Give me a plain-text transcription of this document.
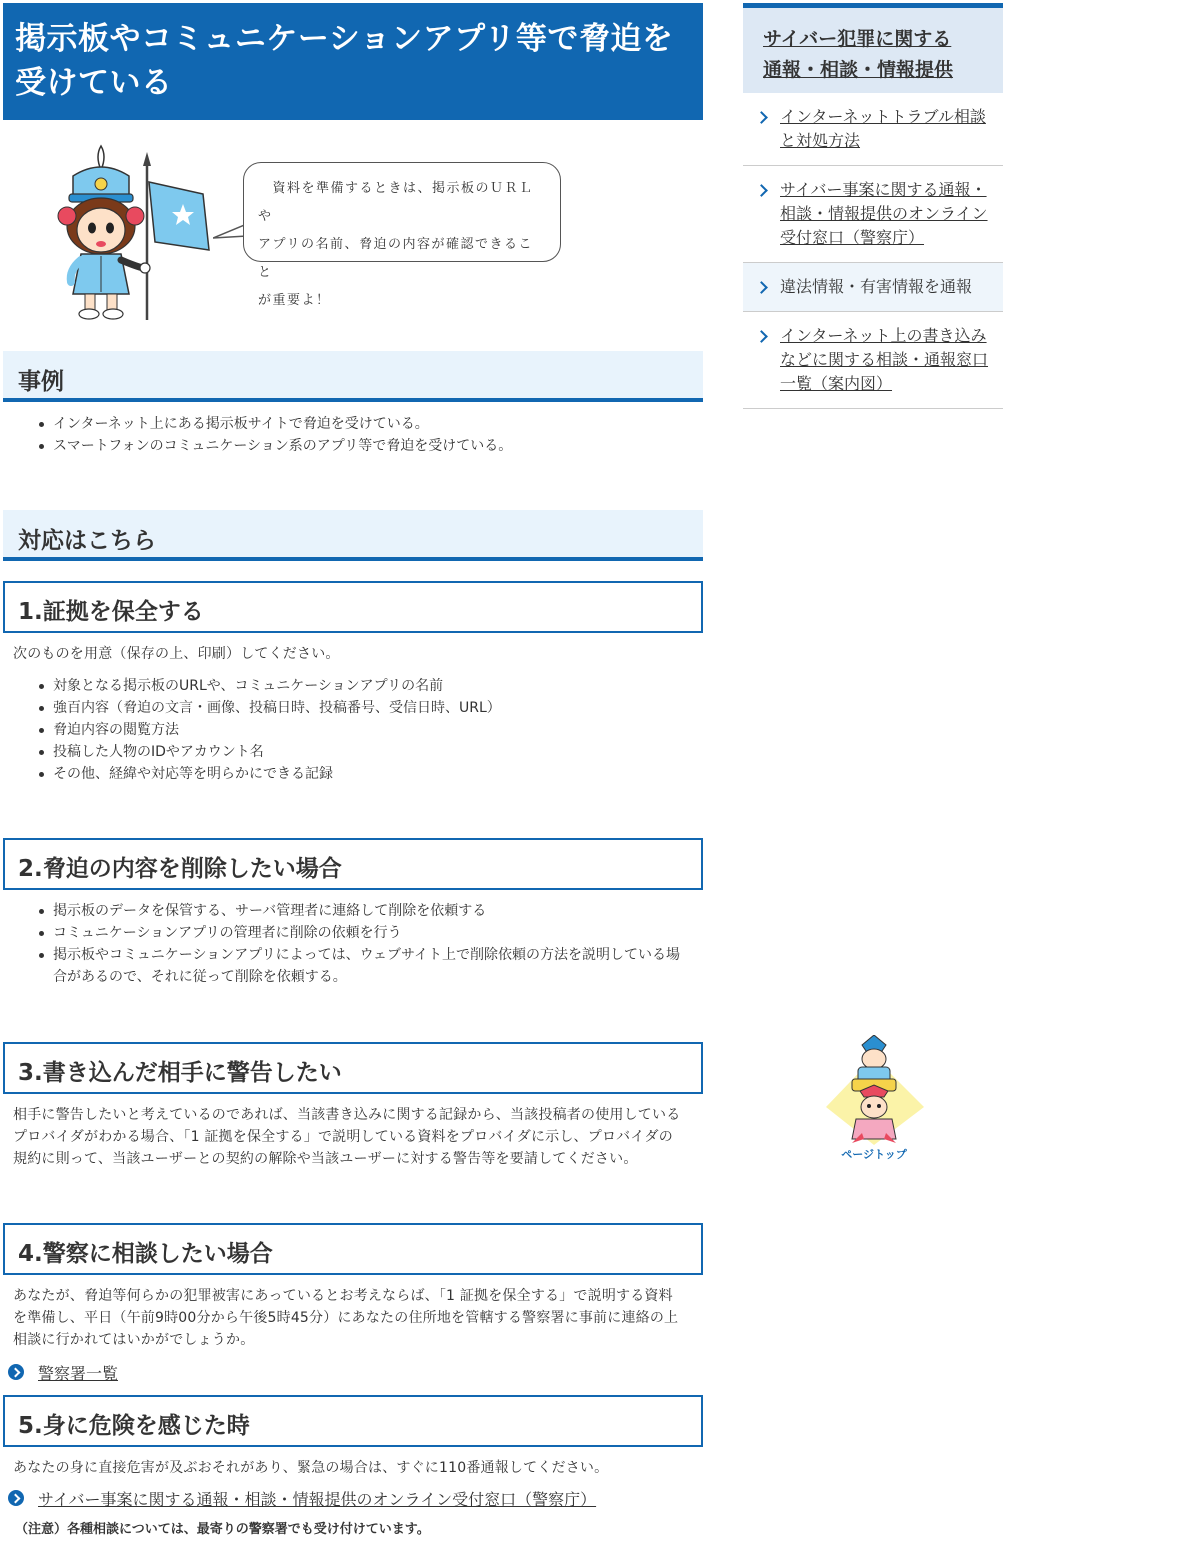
掲示板やコミュニケーションアプリ等で脅迫を
受けている
　資料を準備するときは、掲示板のＵＲＬや
アプリの名前、脅迫の内容が確認できること
が重要よ！
事例
インターネット上にある掲示板サイトで脅迫を受けている。
スマートフォンのコミュニケーション系のアプリ等で脅迫を受けている。
対応はこちら
1.証拠を保全する

次のものを用意（保存の上、印刷）してください。

対象となる掲示板のURLや、コミュニケーションアプリの名前
強百内容（脅迫の文言・画像、投稿日時、投稿番号、受信日時、URL）
脅迫内容の閲覧方法
投稿した人物のIDやアカウント名
その他、経緯や対応等を明らかにできる記録
2.脅迫の内容を削除したい場合
掲示板のデータを保管する、サーバ管理者に連絡して削除を依頼する
コミュニケーションアプリの管理者に削除の依頼を行う
掲示板やコミュニケーションアプリによっては、ウェブサイト上で削除依頼の方法を説明している場
合があるので、それに従って削除を依頼する。
3.書き込んだ相手に警告したい

相手に警告したいと考えているのであれば、当該書き込みに関する記録から、当該投稿者の使用している

プロバイダがわかる場合、「1 証拠を保全する」で説明している資料をプロバイダに示し、プロバイダの

規約に則って、当該ユーザーとの契約の解除や当該ユーザーに対する警告等を要請してください。

4.警察に相談したい場合

あなたが、脅迫等何らかの犯罪被害にあっているとお考えならば、「1 証拠を保全する」で説明する資料

を準備し、平日（午前9時00分から午後5時45分）にあなたの住所地を管轄する警察署に事前に連絡の上

相談に行かれてはいかがでしょうか。

警察署一覧
5.身に危険を感じた時

あなたの身に直接危害が及ぶおそれがあり、緊急の場合は、すぐに110番通報してください。

サイバー事案に関する通報・相談・情報提供のオンライン受付窓口（警察庁）

（注意）各種相談については、最寄りの警察署でも受け付けています。

サイバー犯罪に関する
通報・相談・情報提供
インターネットトラブル相談
と対処方法
サイバー事案に関する通報・
相談・情報提供のオンライン
受付窓口（警察庁）
違法情報・有害情報を通報
インターネット上の書き込み
などに関する相談・通報窓口
一覧（案内図）
ページトップ
